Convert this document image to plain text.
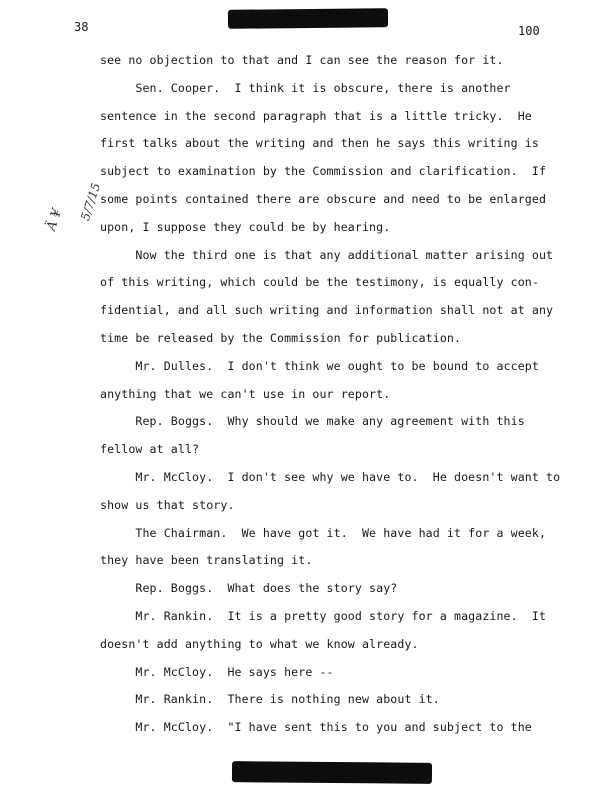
38	100
Ä ¥ 5/7/15
see no objection to that and I can see the reason for it.
Sen. Cooper.  I think it is obscure, there is another
sentence in the second paragraph that is a little tricky.  He
first talks about the writing and then he says this writing is
subject to examination by the Commission and clarification.  If
some points contained there are obscure and need to be enlarged
upon, I suppose they could be by hearing.
Now the third one is that any additional matter arising out
of this writing, which could be the testimony, is equally con-
fidential, and all such writing and information shall not at any
time be released by the Commission for publication.
Mr. Dulles.  I don't think we ought to be bound to accept
anything that we can't use in our report.
Rep. Boggs.  Why should we make any agreement with this
fellow at all?
Mr. McCloy.  I don't see why we have to.  He doesn't want to
show us that story.
The Chairman.  We have got it.  We have had it for a week,
they have been translating it.
Rep. Boggs.  What does the story say?
Mr. Rankin.  It is a pretty good story for a magazine.  It
doesn't add anything to what we know already.
Mr. McCloy.  He says here --
Mr. Rankin.  There is nothing new about it.
Mr. McCloy.  "I have sent this to you and subject to the
